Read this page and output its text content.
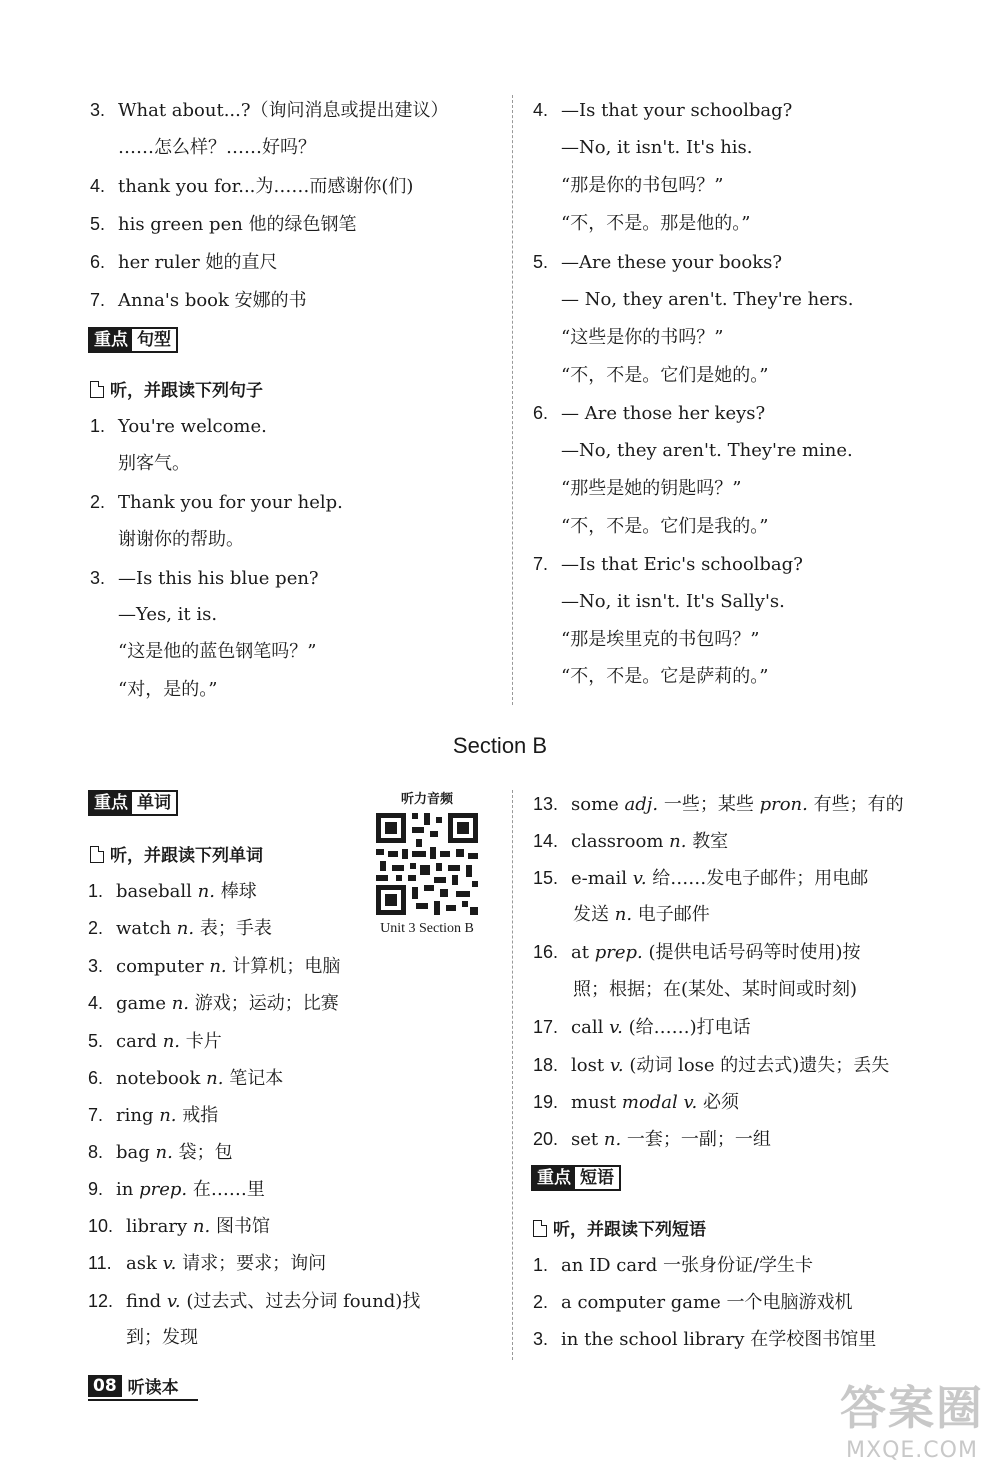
3. What about...?（询问消息或提出建议）
……怎么样？……好吗？
4. thank you for...为……而感谢你(们)
5. his green pen 他的绿色钢笔
6. her ruler 她的直尺
7. Anna's book 安娜的书
重点 句型
听，并跟读下列句子
1. You're welcome.
别客气。
2. Thank you for your help.
谢谢你的帮助。
3. —Is this his blue pen?
—Yes, it is.
“这是他的蓝色钢笔吗？”
“对，是的。”
4. —Is that your schoolbag?
—No, it isn't. It's his.
“那是你的书包吗？”
“不，不是。那是他的。”
5. —Are these your books?
— No, they aren't. They're hers.
“这些是你的书吗？”
“不，不是。它们是她的。”
6. — Are those her keys?
—No, they aren't. They're mine.
“那些是她的钥匙吗？”
“不，不是。它们是我的。”
7. —Is that Eric's schoolbag?
—No, it isn't. It's Sally's.
“那是埃里克的书包吗？”
“不，不是。它是萨莉的。”
Section B
重点 单词
听，并跟读下列单词
听力音频
Unit 3 Section B
1. baseball n. 棒球
2. watch n. 表；手表
3. computer n. 计算机；电脑
4. game n. 游戏；运动；比赛
5. card n. 卡片
6. notebook n. 笔记本
7. ring n. 戒指
8. bag n. 袋；包
9. in prep. 在……里
10. library n. 图书馆
11. ask v. 请求；要求；询问
12. find v. (过去式、过去分词 found)找
到；发现
13. some adj. 一些；某些 pron. 有些；有的
14. classroom n. 教室
15. e-mail v. 给……发电子邮件；用电邮
发送 n. 电子邮件
16. at prep. (提供电话号码等时使用)按
照；根据；在(某处、某时间或时刻)
17. call v. (给……)打电话
18. lost v. (动词 lose 的过去式)遗失；丢失
19. must modal v. 必须
20. set n. 一套；一副；一组
重点 短语
听，并跟读下列短语
1. an ID card 一张身份证/学生卡
2. a computer game 一个电脑游戏机
3. in the school library 在学校图书馆里
08 听读本	答案圈
MXQE.COM
